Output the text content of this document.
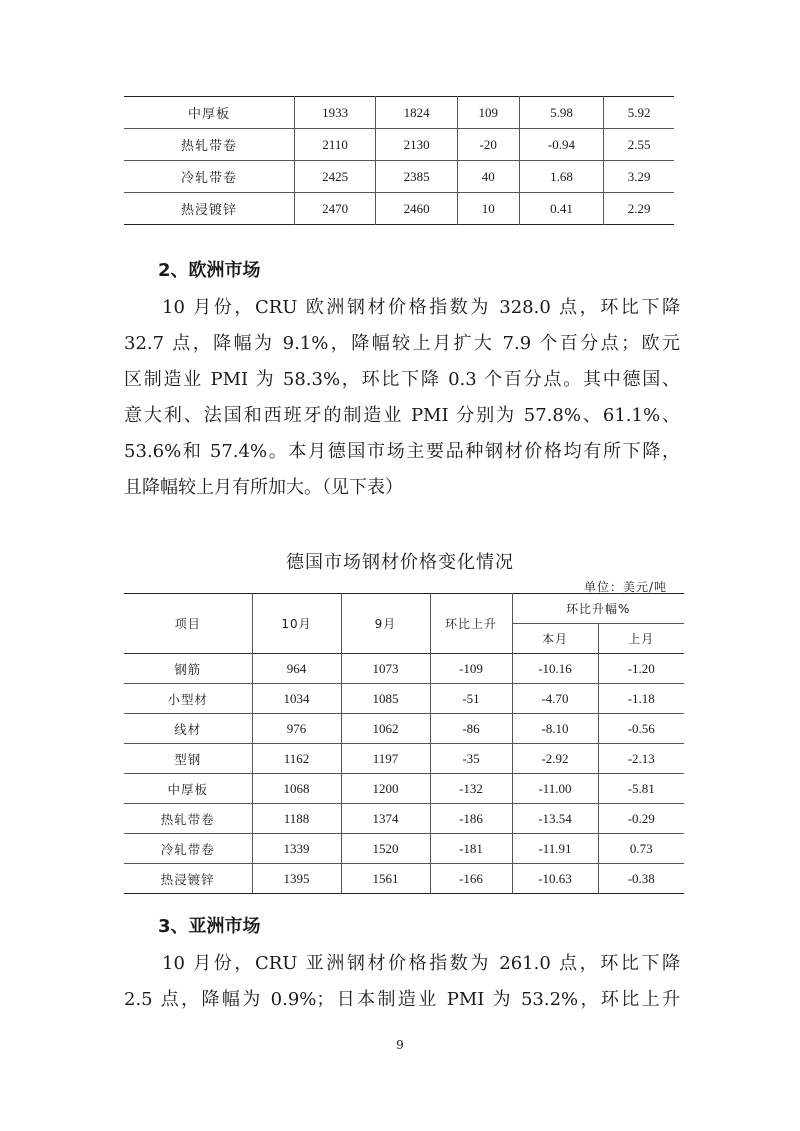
中厚板	1933	1824	109	5.98	5.92
热轧带卷	2110	2130	-20	-0.94	2.55
冷轧带卷	2425	2385	40	1.68	3.29
热浸镀锌	2470	2460	10	0.41	2.29
2、欧洲市场
10 月份，CRU 欧洲钢材价格指数为 328.0 点，环比下降
32.7 点，降幅为 9.1%，降幅较上月扩大 7.9 个百分点；欧元
区制造业 PMI 为 58.3%，环比下降 0.3 个百分点。其中德国、
意大利、法国和西班牙的制造业 PMI 分别为 57.8%、61.1%、
53.6%和 57.4%。本月德国市场主要品种钢材价格均有所下降，
且降幅较上月有所加大。（见下表）
德国市场钢材价格变化情况
单位：美元/吨
项目	10月	9月	环比上升	环比升幅%	
				本月	上月
钢筋	964	1073	-109	-10.16	-1.20
小型材	1034	1085	-51	-4.70	-1.18
线材	976	1062	-86	-8.10	-0.56
型钢	1162	1197	-35	-2.92	-2.13
中厚板	1068	1200	-132	-11.00	-5.81
热轧带卷	1188	1374	-186	-13.54	-0.29
冷轧带卷	1339	1520	-181	-11.91	0.73
热浸镀锌	1395	1561	-166	-10.63	-0.38
3、亚洲市场
10 月份，CRU 亚洲钢材价格指数为 261.0 点，环比下降
2.5 点，降幅为 0.9%；日本制造业 PMI 为 53.2%，环比上升
9
